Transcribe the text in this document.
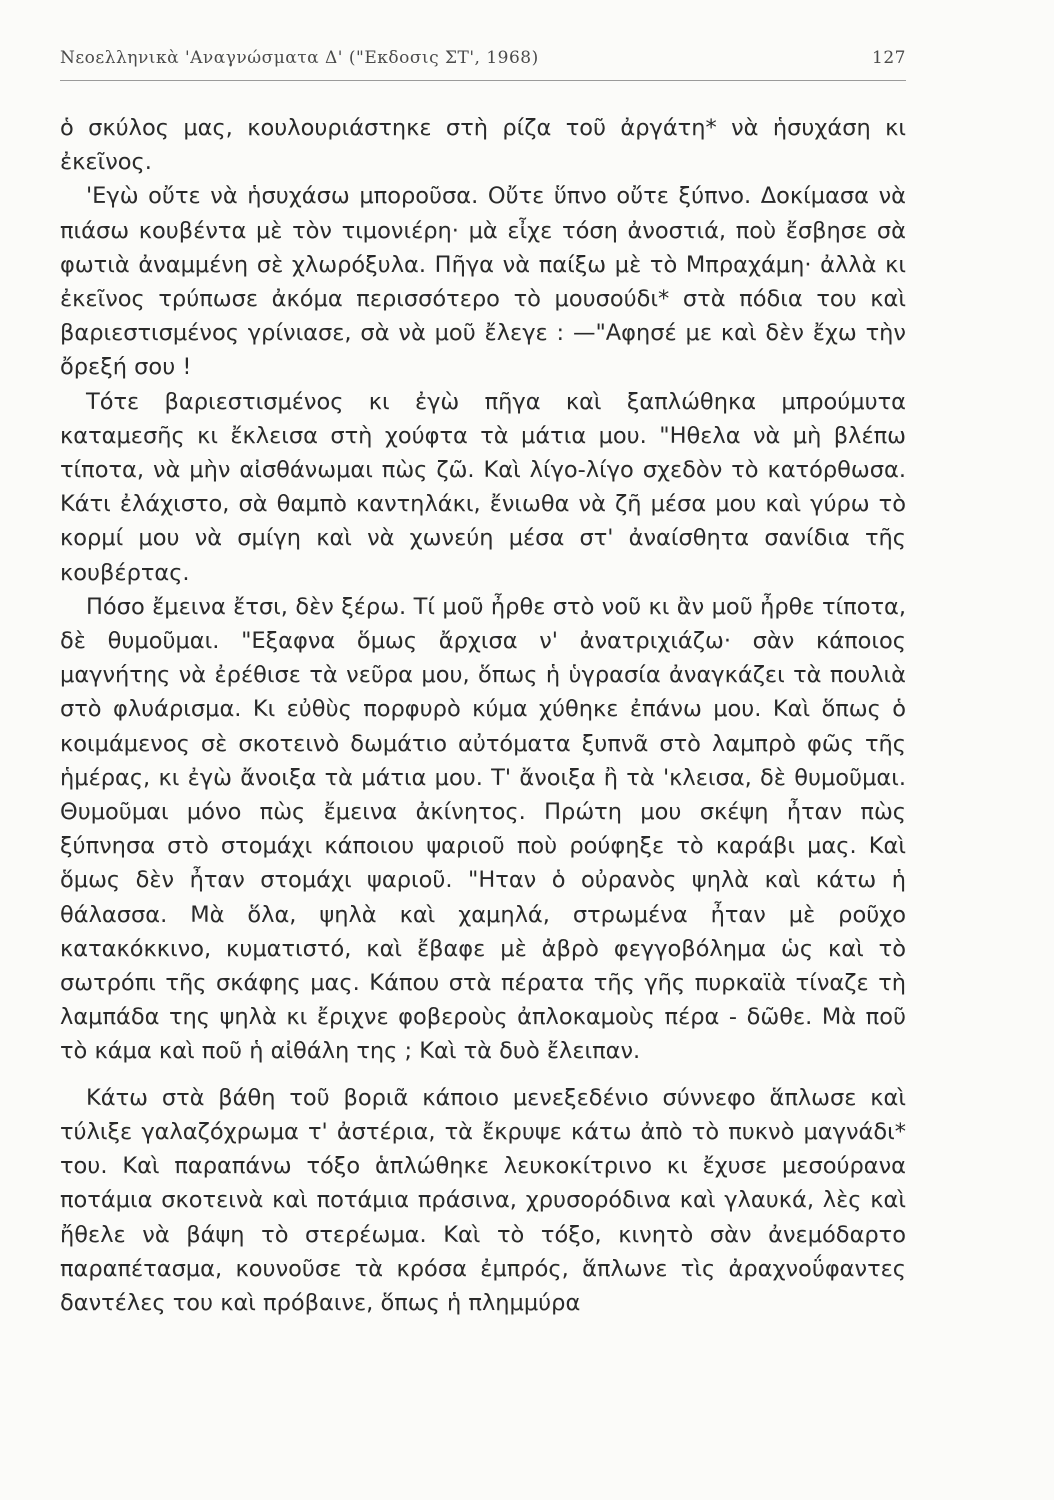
Νεοελληνικὰ 'Αναγνώσματα Δ' ("Εκδοσις ΣΤ', 1968)	127

ὁ σκύλος μας, κουλουριάστηκε στὴ ρίζα τοῦ ἀργάτη* νὰ ἡσυχάση κι ἐκεῖνος.

'Εγὼ οὔτε νὰ ἡσυχάσω μποροῦσα. Οὔτε ὕπνο οὔτε ξύπνο. Δοκίμασα νὰ πιάσω κουβέντα μὲ τὸν τιμονιέρη· μὰ εἶχε τόση ἀνοστιά, ποὺ ἔσβησε σὰ φωτιὰ ἀναμμένη σὲ χλωρόξυλα. Πῆγα νὰ παίξω μὲ τὸ Μπραχάμη· ἀλλὰ κι ἐκεῖνος τρύπωσε ἀκόμα περισσότερο τὸ μουσούδι* στὰ πόδια του καὶ βαριεστισμένος γρίνιασε, σὰ νὰ μοῦ ἔλεγε : —"Αφησέ με καὶ δὲν ἔχω τὴν ὄρεξή σου !

Τότε βαριεστισμένος κι ἐγὼ πῆγα καὶ ξαπλώθηκα μπρούμυτα καταμεσῆς κι ἔκλεισα στὴ χούφτα τὰ μάτια μου. "Ηθελα νὰ μὴ βλέπω τίποτα, νὰ μὴν αἰσθάνωμαι πὼς ζῶ. Καὶ λίγο-λίγο σχεδὸν τὸ κατόρθωσα. Κάτι ἐλάχιστο, σὰ θαμπὸ καντηλάκι, ἔνιωθα νὰ ζῆ μέσα μου καὶ γύρω τὸ κορμί μου νὰ σμίγη καὶ νὰ χωνεύη μέσα στ' ἀναίσθητα σανίδια τῆς κουβέρτας.

Πόσο ἔμεινα ἔτσι, δὲν ξέρω. Τί μοῦ ἦρθε στὸ νοῦ κι ἂν μοῦ ἦρθε τίποτα, δὲ θυμοῦμαι. "Εξαφνα ὅμως ἄρχισα ν' ἀνατριχιάζω· σὰν κάποιος μαγνήτης νὰ ἐρέθισε τὰ νεῦρα μου, ὅπως ἡ ὑγρασία ἀναγκάζει τὰ πουλιὰ στὸ φλυάρισμα. Κι εὐθὺς πορφυρὸ κύμα χύθηκε ἐπάνω μου. Καὶ ὅπως ὁ κοιμάμενος σὲ σκοτεινὸ δωμάτιο αὐτόματα ξυπνᾶ στὸ λαμπρὸ φῶς τῆς ἡμέρας, κι ἐγὼ ἄνοιξα τὰ μάτια μου. Τ' ἄνοιξα ἢ τὰ 'κλεισα, δὲ θυμοῦμαι. Θυμοῦμαι μόνο πὼς ἔμεινα ἀκίνητος. Πρώτη μου σκέψη ἦταν πὼς ξύπνησα στὸ στομάχι κάποιου ψαριοῦ ποὺ ρούφηξε τὸ καράβι μας. Καὶ ὅμως δὲν ἦταν στομάχι ψαριοῦ. "Ηταν ὁ οὐρανὸς ψηλὰ καὶ κάτω ἡ θάλασσα. Μὰ ὅλα, ψηλὰ καὶ χαμηλά, στρωμένα ἦταν μὲ ροῦχο κατακόκκινο, κυματιστό, καὶ ἔβαφε μὲ ἀβρὸ φεγγοβόλημα ὡς καὶ τὸ σωτρόπι τῆς σκάφης μας. Κάπου στὰ πέρατα τῆς γῆς πυρκαϊὰ τίναζε τὴ λαμπάδα της ψηλὰ κι ἔριχνε φοβεροὺς ἀπλοκαμοὺς πέρα - δῶθε. Μὰ ποῦ τὸ κάμα καὶ ποῦ ἡ αἰθάλη της ; Καὶ τὰ δυὸ ἔλειπαν.

Κάτω στὰ βάθη τοῦ βοριᾶ κάποιο μενεξεδένιο σύννεφο ἅπλωσε καὶ τύλιξε γαλαζόχρωμα τ' ἀστέρια, τὰ ἔκρυψε κάτω ἀπὸ τὸ πυκνὸ μαγνάδι* του. Καὶ παραπάνω τόξο ἁπλώθηκε λευκοκίτρινο κι ἔχυσε μεσούρανα ποτάμια σκοτεινὰ καὶ ποτάμια πράσινα, χρυσορόδινα καὶ γλαυκά, λὲς καὶ ἤθελε νὰ βάψη τὸ στερέωμα. Καὶ τὸ τόξο, κινητὸ σὰν ἀνεμόδαρτο παραπέτασμα, κουνοῦσε τὰ κρόσα ἐμπρός, ἅπλωνε τὶς ἀραχνοΰφαντες δαντέλες του καὶ πρόβαινε, ὅπως ἡ πλημμύρα
